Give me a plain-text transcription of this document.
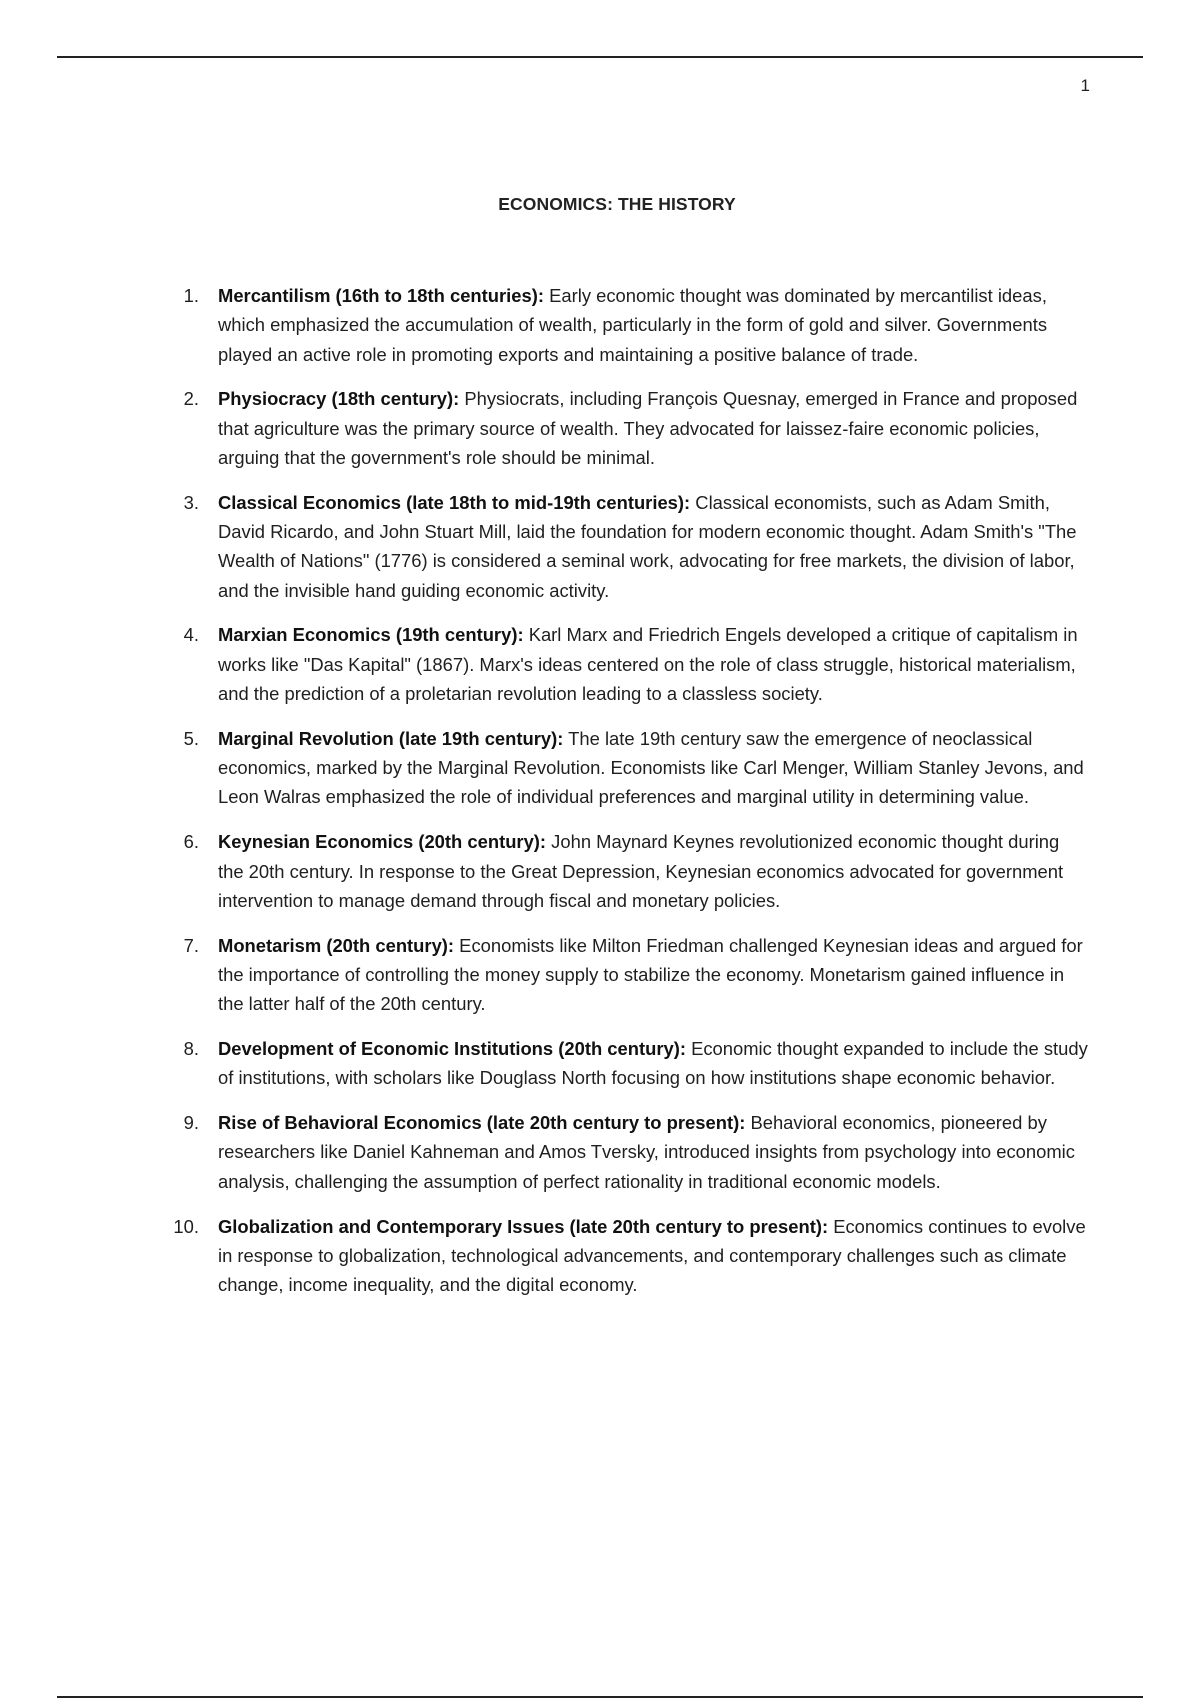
1
ECONOMICS: THE HISTORY
1. Mercantilism (16th to 18th centuries): Early economic thought was dominated by mercantilist ideas, which emphasized the accumulation of wealth, particularly in the form of gold and silver. Governments played an active role in promoting exports and maintaining a positive balance of trade.
2. Physiocracy (18th century): Physiocrats, including François Quesnay, emerged in France and proposed that agriculture was the primary source of wealth. They advocated for laissez-faire economic policies, arguing that the government's role should be minimal.
3. Classical Economics (late 18th to mid-19th centuries): Classical economists, such as Adam Smith, David Ricardo, and John Stuart Mill, laid the foundation for modern economic thought. Adam Smith's "The Wealth of Nations" (1776) is considered a seminal work, advocating for free markets, the division of labor, and the invisible hand guiding economic activity.
4. Marxian Economics (19th century): Karl Marx and Friedrich Engels developed a critique of capitalism in works like "Das Kapital" (1867). Marx's ideas centered on the role of class struggle, historical materialism, and the prediction of a proletarian revolution leading to a classless society.
5. Marginal Revolution (late 19th century): The late 19th century saw the emergence of neoclassical economics, marked by the Marginal Revolution. Economists like Carl Menger, William Stanley Jevons, and Leon Walras emphasized the role of individual preferences and marginal utility in determining value.
6. Keynesian Economics (20th century): John Maynard Keynes revolutionized economic thought during the 20th century. In response to the Great Depression, Keynesian economics advocated for government intervention to manage demand through fiscal and monetary policies.
7. Monetarism (20th century): Economists like Milton Friedman challenged Keynesian ideas and argued for the importance of controlling the money supply to stabilize the economy. Monetarism gained influence in the latter half of the 20th century.
8. Development of Economic Institutions (20th century): Economic thought expanded to include the study of institutions, with scholars like Douglass North focusing on how institutions shape economic behavior.
9. Rise of Behavioral Economics (late 20th century to present): Behavioral economics, pioneered by researchers like Daniel Kahneman and Amos Tversky, introduced insights from psychology into economic analysis, challenging the assumption of perfect rationality in traditional economic models.
10. Globalization and Contemporary Issues (late 20th century to present): Economics continues to evolve in response to globalization, technological advancements, and contemporary challenges such as climate change, income inequality, and the digital economy.
